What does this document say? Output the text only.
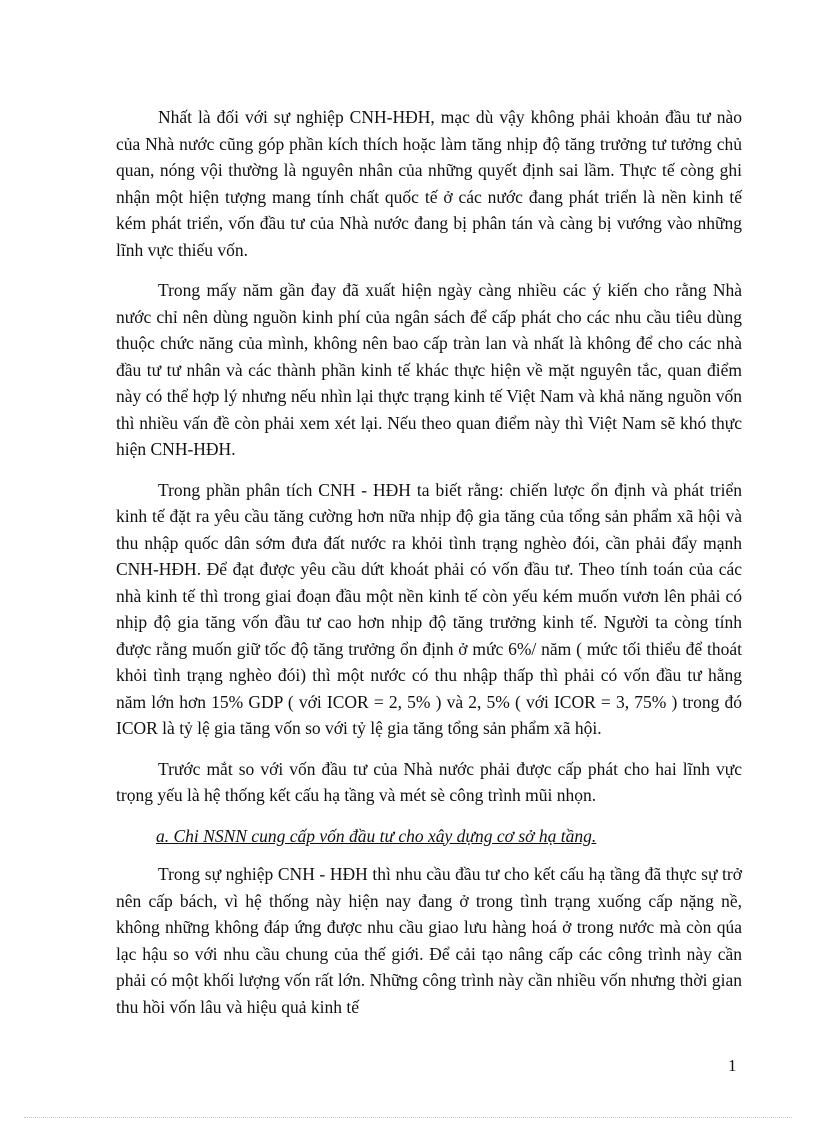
Nhất là đối với sự nghiệp CNH-HĐH, mạc dù vậy không phải khoản đầu tư nào của Nhà nước cũng góp phần kích thích hoặc làm tăng nhịp độ tăng trưởng tư tưởng chủ quan, nóng vội thường là nguyên nhân của những quyết định sai lầm. Thực tế còng ghi nhận một hiện tượng mang tính chất quốc tế ở các nước đang phát triển là nền kinh tế kém phát triển, vốn đầu tư của Nhà nước đang bị phân tán và càng bị vướng vào những lĩnh vực thiếu vốn.

Trong mấy năm gần đay đã xuất hiện ngày càng nhiều các ý kiến cho rằng Nhà nước chỉ nên dùng nguồn kinh phí của ngân sách để cấp phát cho các nhu cầu tiêu dùng thuộc chức năng của mình, không nên bao cấp tràn lan và nhất là không để cho các nhà đầu tư tư nhân và các thành phần kinh tế khác thực hiện về mặt nguyên tắc, quan điểm này có thể hợp lý nhưng nếu nhìn lại thực trạng kinh tế Việt Nam và khả năng nguồn vốn thì nhiều vấn đề còn phải xem xét lại. Nếu theo quan điểm này thì Việt Nam sẽ khó thực hiện CNH-HĐH.

Trong phần phân tích CNH - HĐH ta biết rằng: chiến lược ổn định và phát triển kinh tế đặt ra yêu cầu tăng cường hơn nữa nhịp độ gia tăng của tổng sản phẩm xã hội và thu nhập quốc dân sớm đưa đất nước ra khỏi tình trạng nghèo đói, cần phải đẩy mạnh CNH-HĐH. Để đạt được yêu cầu dứt khoát phải có vốn đầu tư. Theo tính toán của các nhà kinh tế thì trong giai đoạn đầu một nền kinh tế còn yếu kém muốn vươn lên phải có nhịp độ gia tăng vốn đầu tư cao hơn nhịp độ tăng trưởng kinh tế. Người ta còng tính được rằng muốn giữ tốc độ tăng trưởng ổn định ở mức 6%/ năm ( mức tối thiểu để thoát khỏi tình trạng nghèo đói) thì một nước có thu nhập thấp thì phải có vốn đầu tư hằng năm lớn hơn 15% GDP ( với ICOR = 2, 5% ) và 2, 5% ( với ICOR = 3, 75% ) trong đó ICOR là tỷ lệ gia tăng vốn so với tỷ lệ gia tăng tổng sản phẩm xã hội.

Trước mắt so với vốn đầu tư của Nhà nước phải được cấp phát cho hai lĩnh vực trọng yếu là hệ thống kết cấu hạ tầng và mét sè công trình mũi nhọn.

a. Chi NSNN cung cấp vốn đầu tư cho xây dựng cơ sở hạ tầng.

Trong sự nghiệp CNH - HĐH thì nhu cầu đầu tư cho kết cấu hạ tầng đã thực sự trở nên cấp bách, vì hệ thống này hiện nay đang ở trong tình trạng xuống cấp nặng nề, không những không đáp ứng được nhu cầu giao lưu hàng hoá ở trong nước mà còn qúa lạc hậu so với nhu cầu chung của thế giới. Để cải tạo nâng cấp các công trình này cần phải có một khối lượng vốn rất lớn. Những công trình này cần nhiều vốn nhưng thời gian thu hồi vốn lâu và hiệu quả kinh tế

1
